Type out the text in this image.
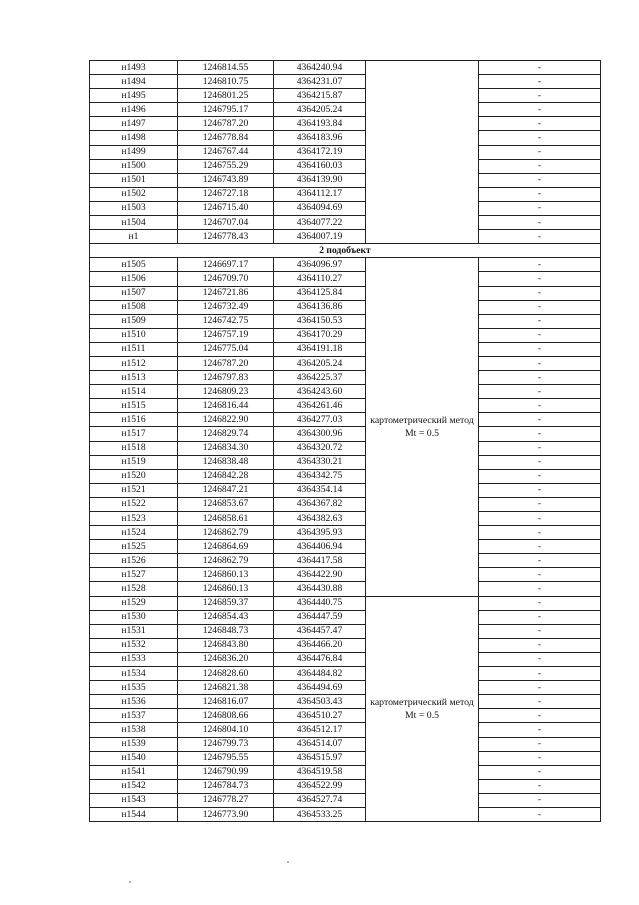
н1493	1246814.55	4364240.94		-
н1494	1246810.75	4364231.07		-
н1495	1246801.25	4364215.87		-
н1496	1246795.17	4364205.24		-
н1497	1246787.20	4364193.84		-
н1498	1246778.84	4364183.96		-
н1499	1246767.44	4364172.19		-
н1500	1246755.29	4364160.03		-
н1501	1246743.89	4364139.90		-
н1502	1246727.18	4364112.17		-
н1503	1246715.40	4364094.69		-
н1504	1246707.04	4364077.22		-
н1	1246778.43	4364007.19		-
2 подобъект				
н1505	1246697.17	4364096.97	картометрический метод Mt = 0.5	-
н1506	1246709.70	4364110.27		-
н1507	1246721.86	4364125.84		-
н1508	1246732.49	4364136.86		-
н1509	1246742.75	4364150.53		-
н1510	1246757.19	4364170.29		-
н1511	1246775.04	4364191.18		-
н1512	1246787.20	4364205.24		-
н1513	1246797.83	4364225.37		-
н1514	1246809.23	4364243.60		-
н1515	1246816.44	4364261.46		-
н1516	1246822.90	4364277.03		-
н1517	1246829.74	4364300.96		-
н1518	1246834.30	4364320.72		-
н1519	1246838.48	4364330.21		-
н1520	1246842.28	4364342.75		-
н1521	1246847.21	4364354.14		-
н1522	1246853.67	4364367.82		-
н1523	1246858.61	4364382.63		-
н1524	1246862.79	4364395.93		-
н1525	1246864.69	4364406.94		-
н1526	1246862.79	4364417.58		-
н1527	1246860.13	4364422.90		-
н1528	1246860.13	4364430.88		-
н1529	1246859.37	4364440.75	картометрический метод Mt = 0.5	-
н1530	1246854.43	4364447.59		-
н1531	1246848.73	4364457.47		-
н1532	1246843.80	4364466.20		-
н1533	1246836.20	4364476.84		-
н1534	1246828.60	4364484.82		-
н1535	1246821.38	4364494.69		-
н1536	1246816.07	4364503.43		-
н1537	1246808.66	4364510.27		-
н1538	1246804.10	4364512.17		-
н1539	1246799.73	4364514.07		-
н1540	1246795.55	4364515.97		-
н1541	1246790.99	4364519.58		-
н1542	1246784.73	4364522.99		-
н1543	1246778.27	4364527.74		-
н1544	1246773.90	4364533.25		-
